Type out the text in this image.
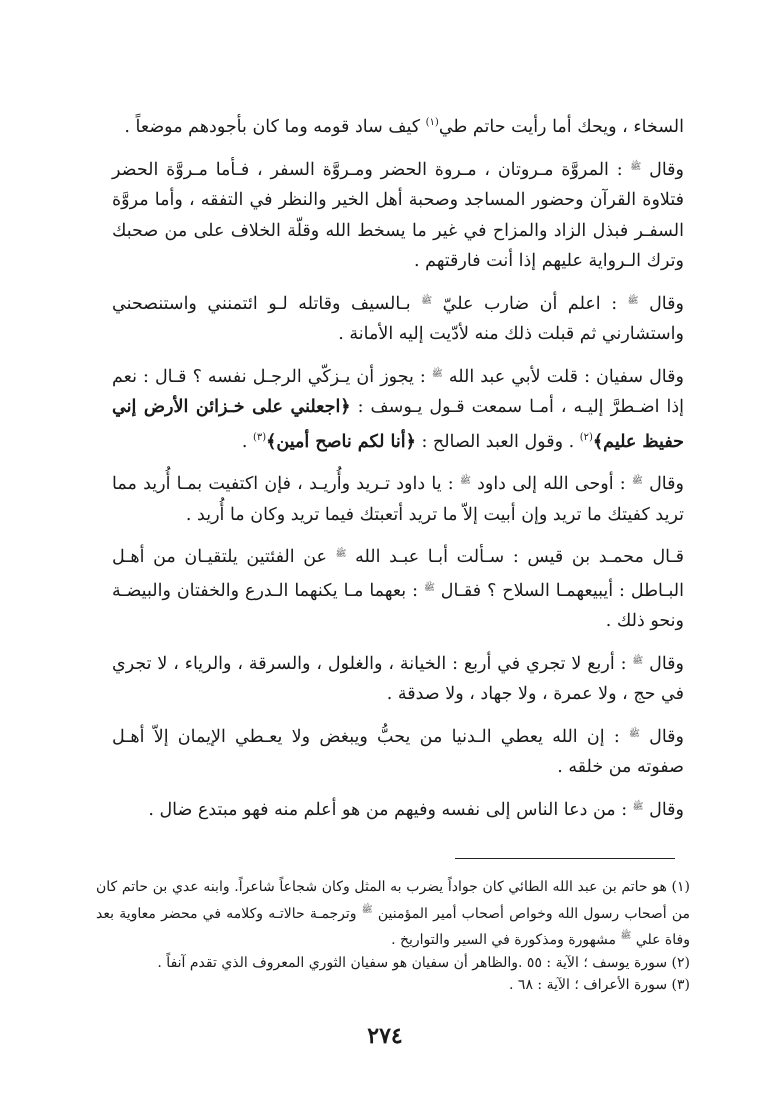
السخاء ، ويحك أما رأيت حاتم طي$^{(١)}$ كيف ساد قومه وما كان بأجودهم موضعاً .

وقال $^ﷺ$ : المروَّة مـروتان ، مـروة الحضر ومـروَّة السفر ، فـأما مـروَّة الحضر فتلاوة القرآن وحضور المساجد وصحبة أهل الخير والنظر في التفقه ، وأما مروَّة السفـر فبذل الزاد والمزاح في غير ما يسخط الله وقلّة الخلاف على من صحبك وترك الـرواية عليهم إذا أنت فارقتهم .

وقال $^ﷺ$ : اعلم أن ضارب عليّ $^ﷺ$ بـالسيف وقاتله لـو ائتمنني واستنصحني واستشارني ثم قبلت ذلك منه لأدّيت إليه الأمانة .

وقال سفيان : قلت لأبي عبد الله $^ﷺ$ : يجوز أن يـزكّي الرجـل نفسه ؟ قـال : نعم إذا اضـطرَّ إليـه ، أمـا سمعت قـول يـوسف : ﴿اجعلني على خـزائن الأرض إني حفيظ عليم﴾$^{(٢)}$ . وقول العبد الصالح : ﴿أنا لكم ناصح أمين﴾$^{(٣)}$ .

وقال $^ﷺ$ : أوحى الله إلى داود $^ﷺ$ : يا داود تـريد وأُريـد ، فإن اكتفيت بمـا أُريد مما تريد كفيتك ما تريد وإن أبيت إلاّ ما تريد أتعبتك فيما تريد وكان ما أُريد .

قـال محمـد بن قيس : سـألت أبـا عبـد الله $^ﷺ$ عن الفئتين يلتقيـان من أهـل البـاطل : أيبيعهمـا السلاح ؟ فقـال $^ﷺ$ : بعهما مـا يكنهما الـدرع والخفتان والبيضـة ونحو ذلك .

وقال $^ﷺ$ : أربع لا تجري في أربع : الخيانة ، والغلول ، والسرقة ، والرياء ، لا تجري في حج ، ولا عمرة ، ولا جهاد ، ولا صدقة .

وقال $^ﷺ$ : إن الله يعطي الـدنيا من يحبُّ ويبغض ولا يعـطي الإيمان إلاّ أهـل صفوته من خلقه .

وقال $^ﷺ$ : من دعا الناس إلى نفسه وفيهم من هو أعلم منه فهو مبتدع ضال .

(١) هو حاتم بن عبد الله الطائي كان جواداً يضرب به المثل وكان شجاعاً شاعراً. وابنه عدي بن حاتم كان من أصحاب رسول الله وخواص أصحاب أمير المؤمنين $^ﷺ$ وترجمـة حالاتـه وكلامه في محضر معاوية بعد وفاة علي $^ﷺ$ مشهورة ومذكورة في السير والتواريخ .

(٢) سورة يوسف ؛ الآية : ٥٥ .والظاهر أن سفيان هو سفيان الثوري المعروف الذي تقدم آنفاً .

(٣) سورة الأعراف ؛ الآية : ٦٨ .

٢٧٤
